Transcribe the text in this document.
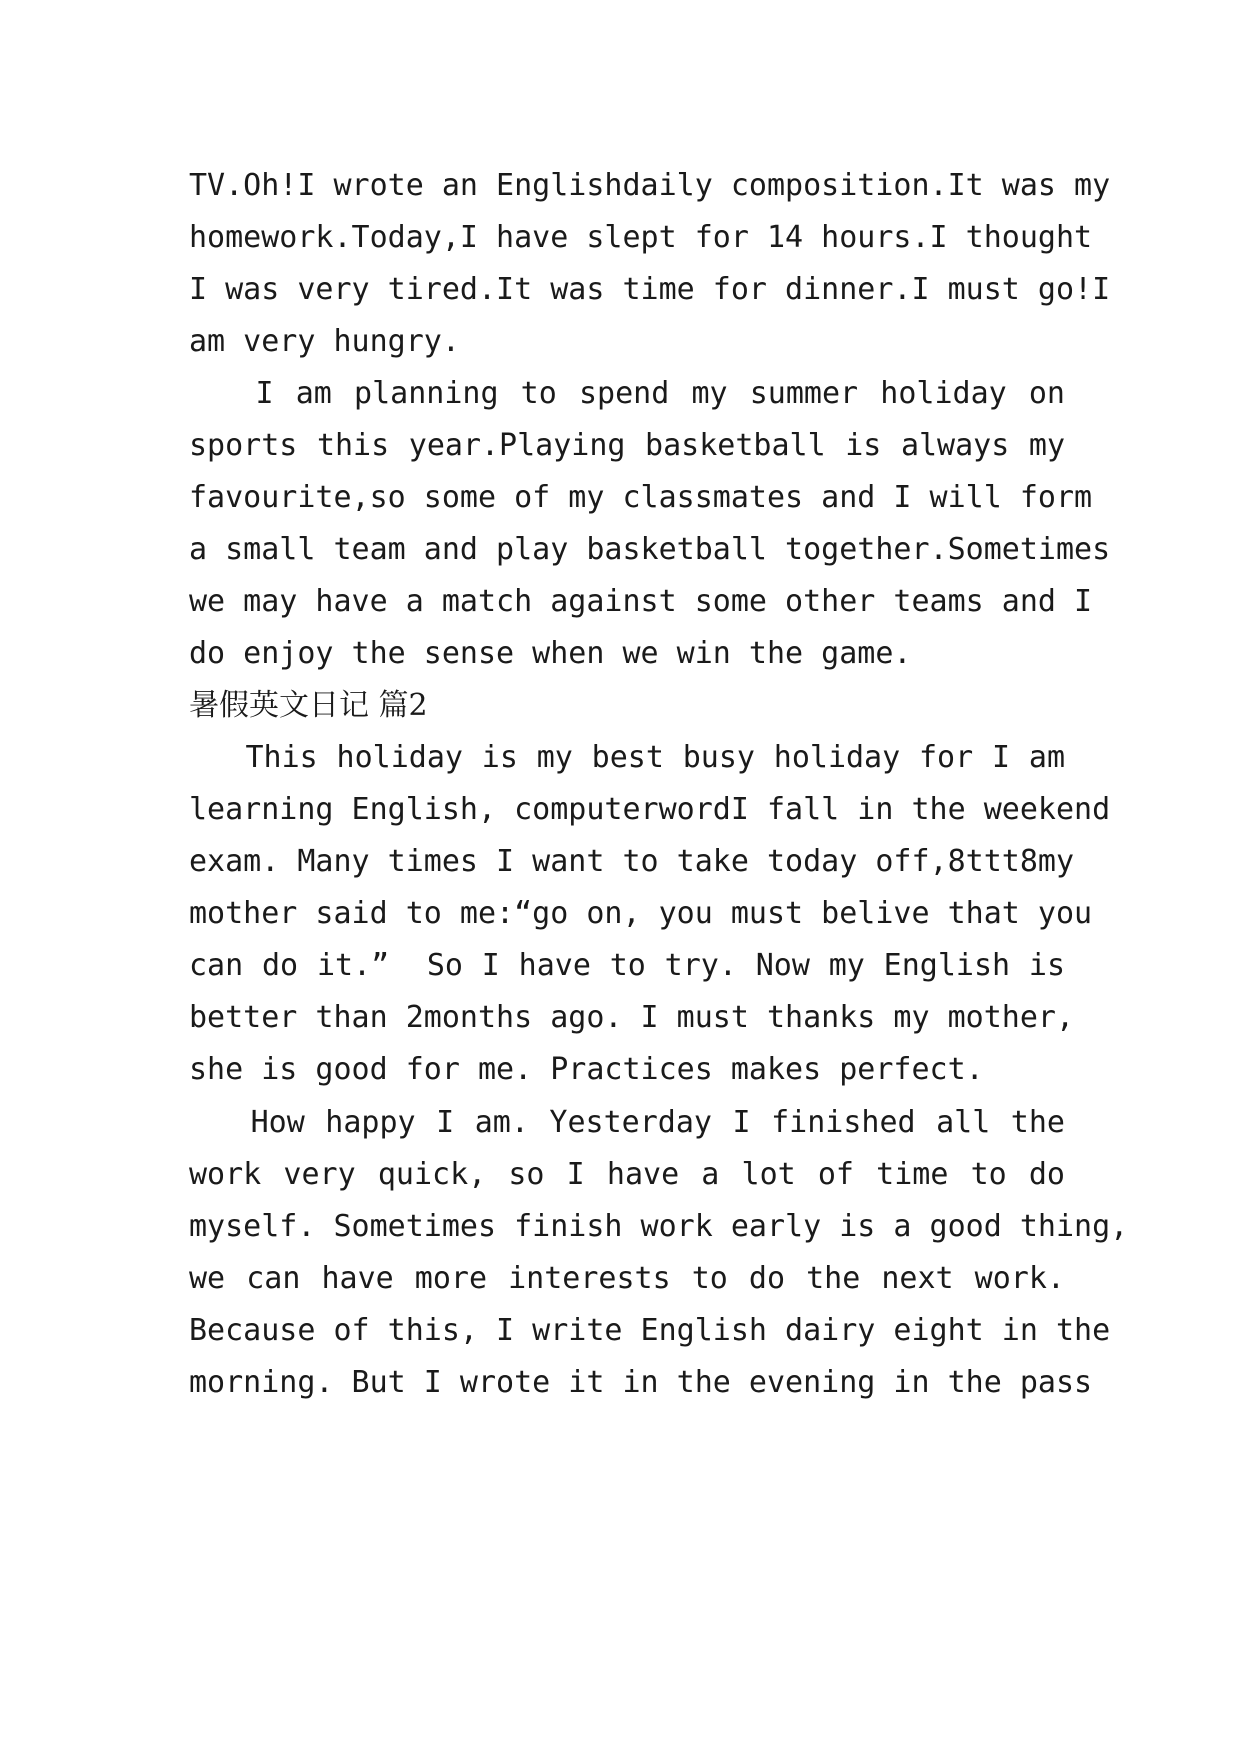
TV.Oh!I wrote an Englishdaily composition.It was my

homework.Today,I have slept for 14 hours.I thought

I was very tired.It was time for dinner.I must go!I

am very hungry.

I am planning to spend my summer holiday on

sports this year.Playing basketball is always my

favourite,so some of my classmates and I will form

a small team and play basketball together.Sometimes

we may have a match against some other teams and I

do enjoy the sense when we win the game.

暑假英文日记 篇2

This holiday is my best busy holiday for I am

learning English, computerwordI fall in the weekend

exam. Many times I want to take today off,8ttt8my

mother said to me:“go on, you must belive that you

can do it.”  So I have to try. Now my English is

better than 2months ago. I must thanks my mother,

she is good for me. Practices makes perfect.

How happy I am. Yesterday I finished all the

work very quick, so I have a lot of time to do

myself. Sometimes finish work early is a good thing,

we can have more interests to do the next work.

Because of this, I write English dairy eight in the

morning. But I wrote it in the evening in the pass
